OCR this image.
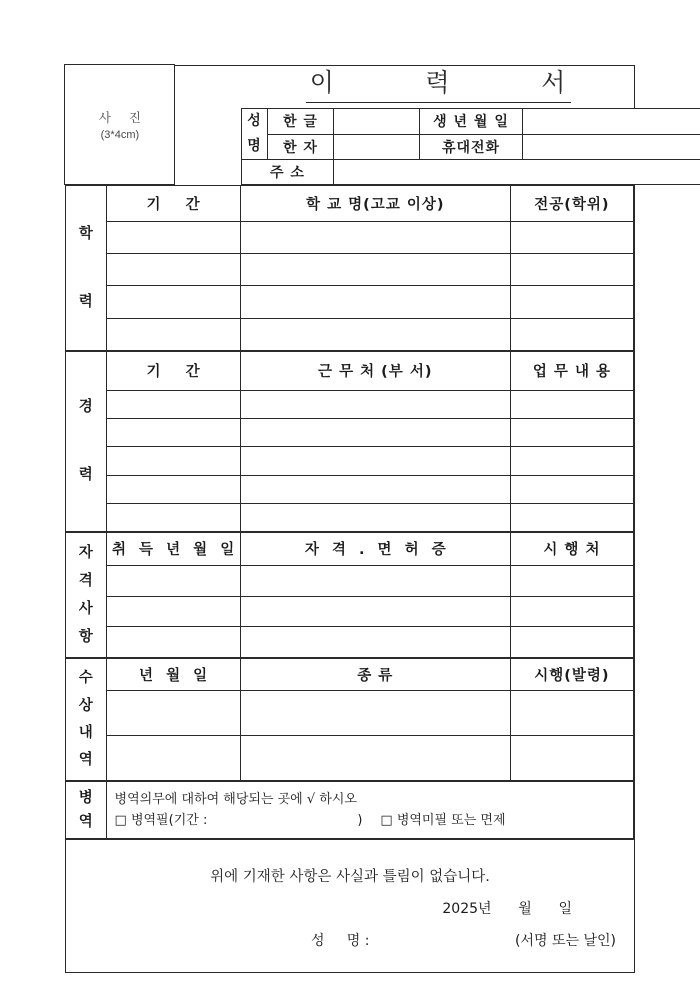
사 진
(3*4cm)
이         력         서
성
명	한 글		생 년 월 일	
	한 자		휴대전화	
주 소				
학
력	기 간	학 교 명(고교 이상)	전공(학위)

경
력	기 간	근 무 처 (부 서)	업 무 내 용

자
격
사
항	취 득 년 월 일	자 격 . 면 허 증	시 행 처

수
상
내
역	년 월 일	종 류	시행(발령)

병
역

병역의무에 대하여 해당되는 곳에 √ 하시오
□ 병역필(기간 :	) □ 병역미필 또는 면제
위에 기재한 사항은 사실과 틀림이 없습니다.
2025년      월      일
성     명 :	(서명 또는 날인)
